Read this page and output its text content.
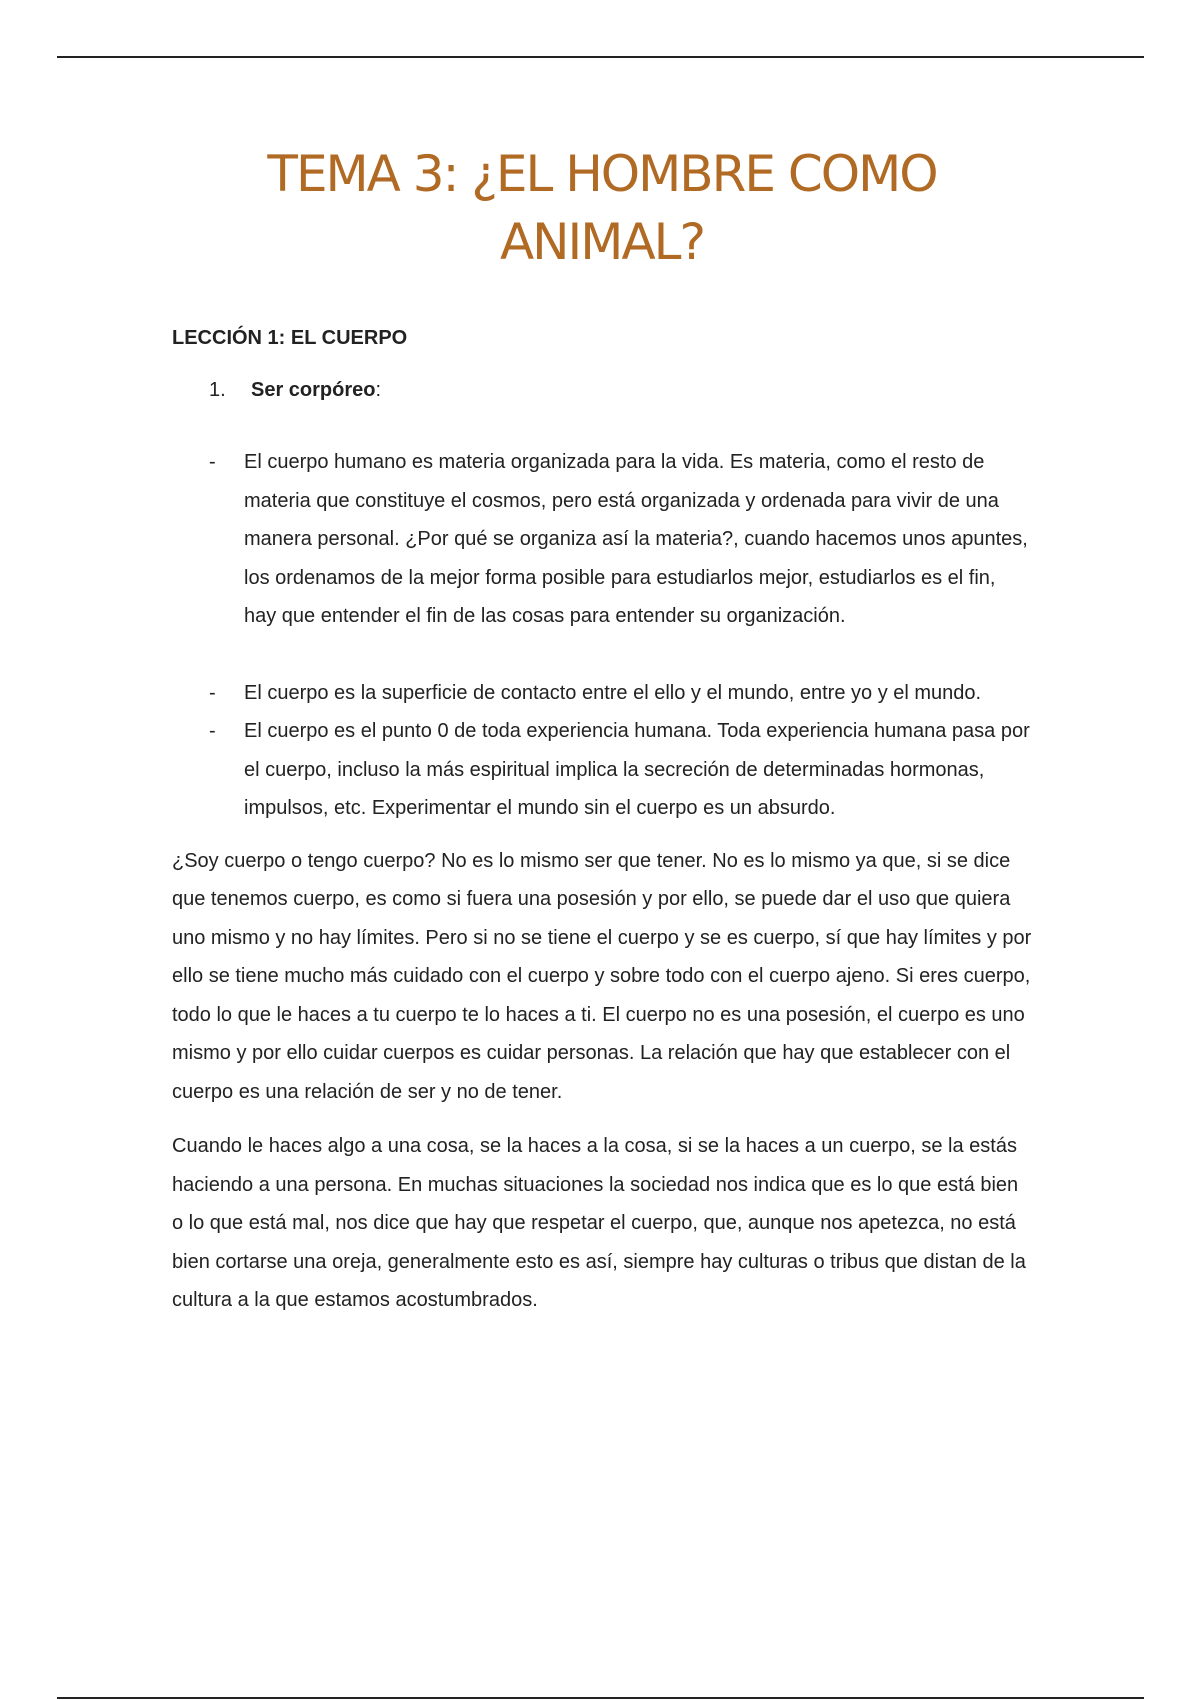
TEMA 3: ¿EL HOMBRE COMO
ANIMAL?
LECCIÓN 1: EL CUERPO
1. Ser corpóreo:
- El cuerpo humano es materia organizada para la vida. Es materia, como el resto de materia que constituye el cosmos, pero está organizada y ordenada para vivir de una manera personal. ¿Por qué se organiza así la materia?, cuando hacemos unos apuntes, los ordenamos de la mejor forma posible para estudiarlos mejor, estudiarlos es el fin, hay que entender el fin de las cosas para entender su organización.
- El cuerpo es la superficie de contacto entre el ello y el mundo, entre yo y el mundo.
- El cuerpo es el punto 0 de toda experiencia humana. Toda experiencia humana pasa por el cuerpo, incluso la más espiritual implica la secreción de determinadas hormonas, impulsos, etc. Experimentar el mundo sin el cuerpo es un absurdo.

¿Soy cuerpo o tengo cuerpo? No es lo mismo ser que tener. No es lo mismo ya que, si se dice que tenemos cuerpo, es como si fuera una posesión y por ello, se puede dar el uso que quiera uno mismo y no hay límites. Pero si no se tiene el cuerpo y se es cuerpo, sí que hay límites y por ello se tiene mucho más cuidado con el cuerpo y sobre todo con el cuerpo ajeno. Si eres cuerpo, todo lo que le haces a tu cuerpo te lo haces a ti. El cuerpo no es una posesión, el cuerpo es uno mismo y por ello cuidar cuerpos es cuidar personas. La relación que hay que establecer con el cuerpo es una relación de ser y no de tener.

Cuando le haces algo a una cosa, se la haces a la cosa, si se la haces a un cuerpo, se la estás haciendo a una persona. En muchas situaciones la sociedad nos indica que es lo que está bien o lo que está mal, nos dice que hay que respetar el cuerpo, que, aunque nos apetezca, no está bien cortarse una oreja, generalmente esto es así, siempre hay culturas o tribus que distan de la cultura a la que estamos acostumbrados.
